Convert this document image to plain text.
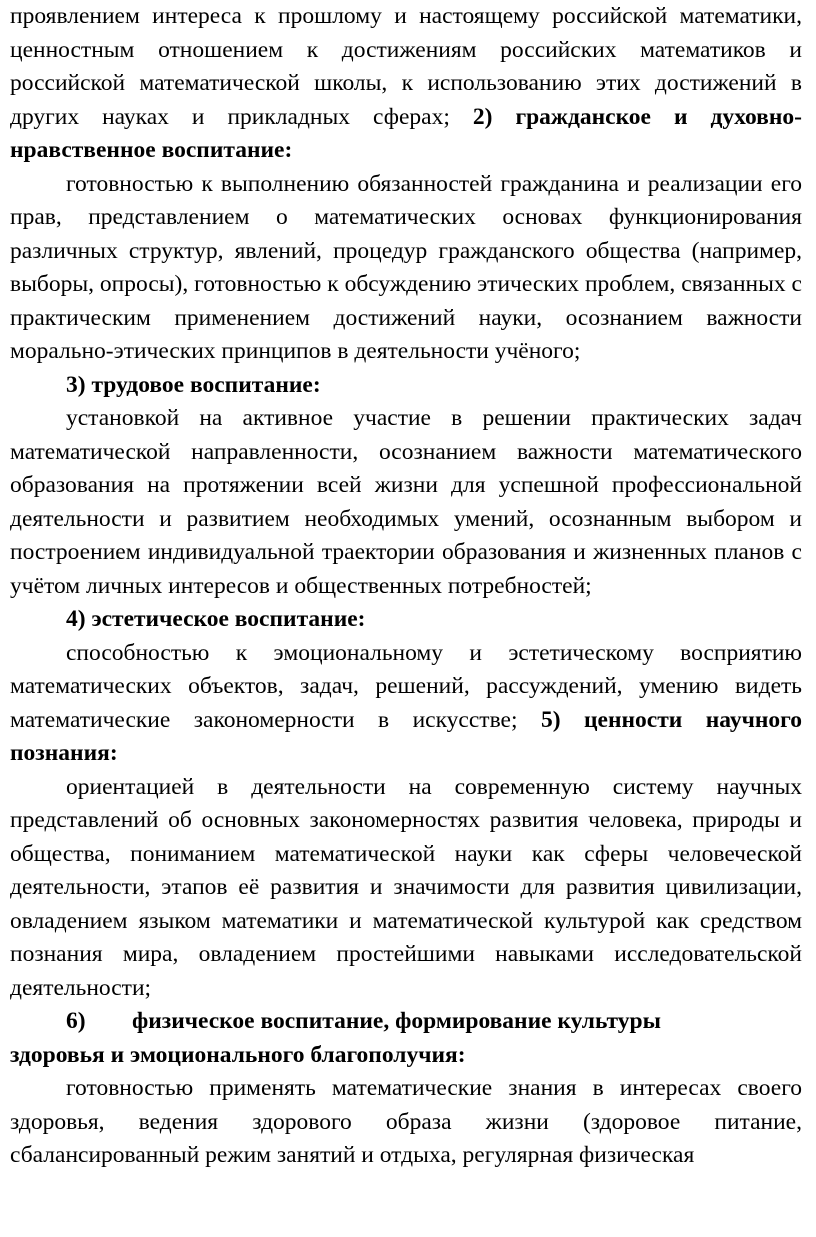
проявлением интереса к прошлому и настоящему российской математики, ценностным отношением к достижениям российских математиков и российской математической школы, к использованию этих достижений в других науках и прикладных сферах; 2) гражданское и духовно-нравственное воспитание:

готовностью к выполнению обязанностей гражданина и реализации его прав, представлением о математических основах функционирования различных структур, явлений, процедур гражданского общества (например, выборы, опросы), готовностью к обсуждению этических проблем, связанных с практическим применением достижений науки, осознанием важности морально-этических принципов в деятельности учёного;

3) трудовое воспитание:

установкой на активное участие в решении практических задач математической направленности, осознанием важности математического образования на протяжении всей жизни для успешной профессиональной деятельности и развитием необходимых умений, осознанным выбором и построением индивидуальной траектории образования и жизненных планов с учётом личных интересов и общественных потребностей;

4) эстетическое воспитание:

способностью к эмоциональному и эстетическому восприятию математических объектов, задач, решений, рассуждений, умению видеть математические закономерности в искусстве; 5) ценности научного познания:

ориентацией в деятельности на современную систему научных представлений об основных закономерностях развития человека, природы и общества, пониманием математической науки как сферы человеческой деятельности, этапов её развития и значимости для развития цивилизации, овладением языком математики и математической культурой как средством познания мира, овладением простейшими навыками исследовательской деятельности;

6) физическое воспитание, формирование культуры

здоровья и эмоционального благополучия:

готовностью применять математические знания в интересах своего здоровья, ведения здорового образа жизни (здоровое питание, сбалансированный режим занятий и отдыха, регулярная физическая
